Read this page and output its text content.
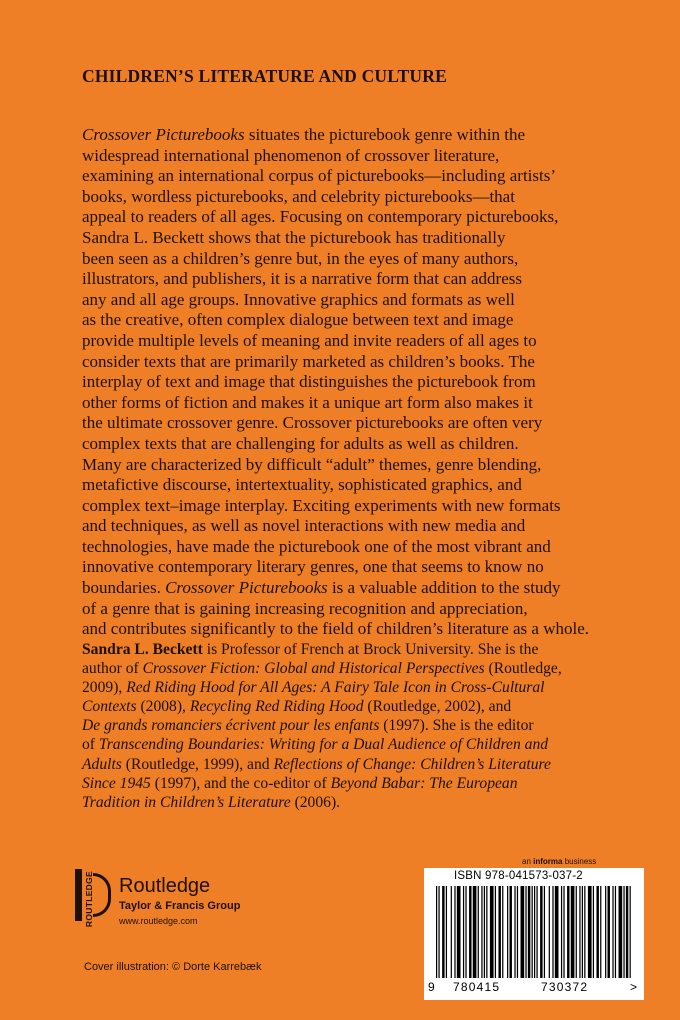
CHILDREN’S LITERATURE AND CULTURE
Crossover Picturebooks situates the picturebook genre within the
widespread international phenomenon of crossover literature,
examining an international corpus of picturebooks—including artists’
books, wordless picturebooks, and celebrity picturebooks—that
appeal to readers of all ages. Focusing on contemporary picturebooks,
Sandra L. Beckett shows that the picturebook has traditionally
been seen as a children’s genre but, in the eyes of many authors,
illustrators, and publishers, it is a narrative form that can address
any and all age groups. Innovative graphics and formats as well
as the creative, often complex dialogue between text and image
provide multiple levels of meaning and invite readers of all ages to
consider texts that are primarily marketed as children’s books. The
interplay of text and image that distinguishes the picturebook from
other forms of fiction and makes it a unique art form also makes it
the ultimate crossover genre. Crossover picturebooks are often very
complex texts that are challenging for adults as well as children.
Many are characterized by difficult “adult” themes, genre blending,
metafictive discourse, intertextuality, sophisticated graphics, and
complex text–image interplay. Exciting experiments with new formats
and techniques, as well as novel interactions with new media and
technologies, have made the picturebook one of the most vibrant and
innovative contemporary literary genres, one that seems to know no
boundaries. Crossover Picturebooks is a valuable addition to the study
of a genre that is gaining increasing recognition and appreciation,
and contributes significantly to the field of children’s literature as a whole.
Sandra L. Beckett is Professor of French at Brock University. She is the
author of Crossover Fiction: Global and Historical Perspectives (Routledge,
2009), Red Riding Hood for All Ages: A Fairy Tale Icon in Cross-Cultural
Contexts (2008), Recycling Red Riding Hood (Routledge, 2002), and
De grands romanciers écrivent pour les enfants (1997). She is the editor
of Transcending Boundaries: Writing for a Dual Audience of Children and
Adults (Routledge, 1999), and Reflections of Change: Children’s Literature
Since 1945 (1997), and the co-editor of Beyond Babar: The European
Tradition in Children’s Literature (2006).
ROUTLEDGE Routledge
Taylor & Francis Group
www.routledge.com
Cover illustration: © Dorte Karrebæk
an informa business
ISBN 978-041573-037-2
9 780415	730372	>
